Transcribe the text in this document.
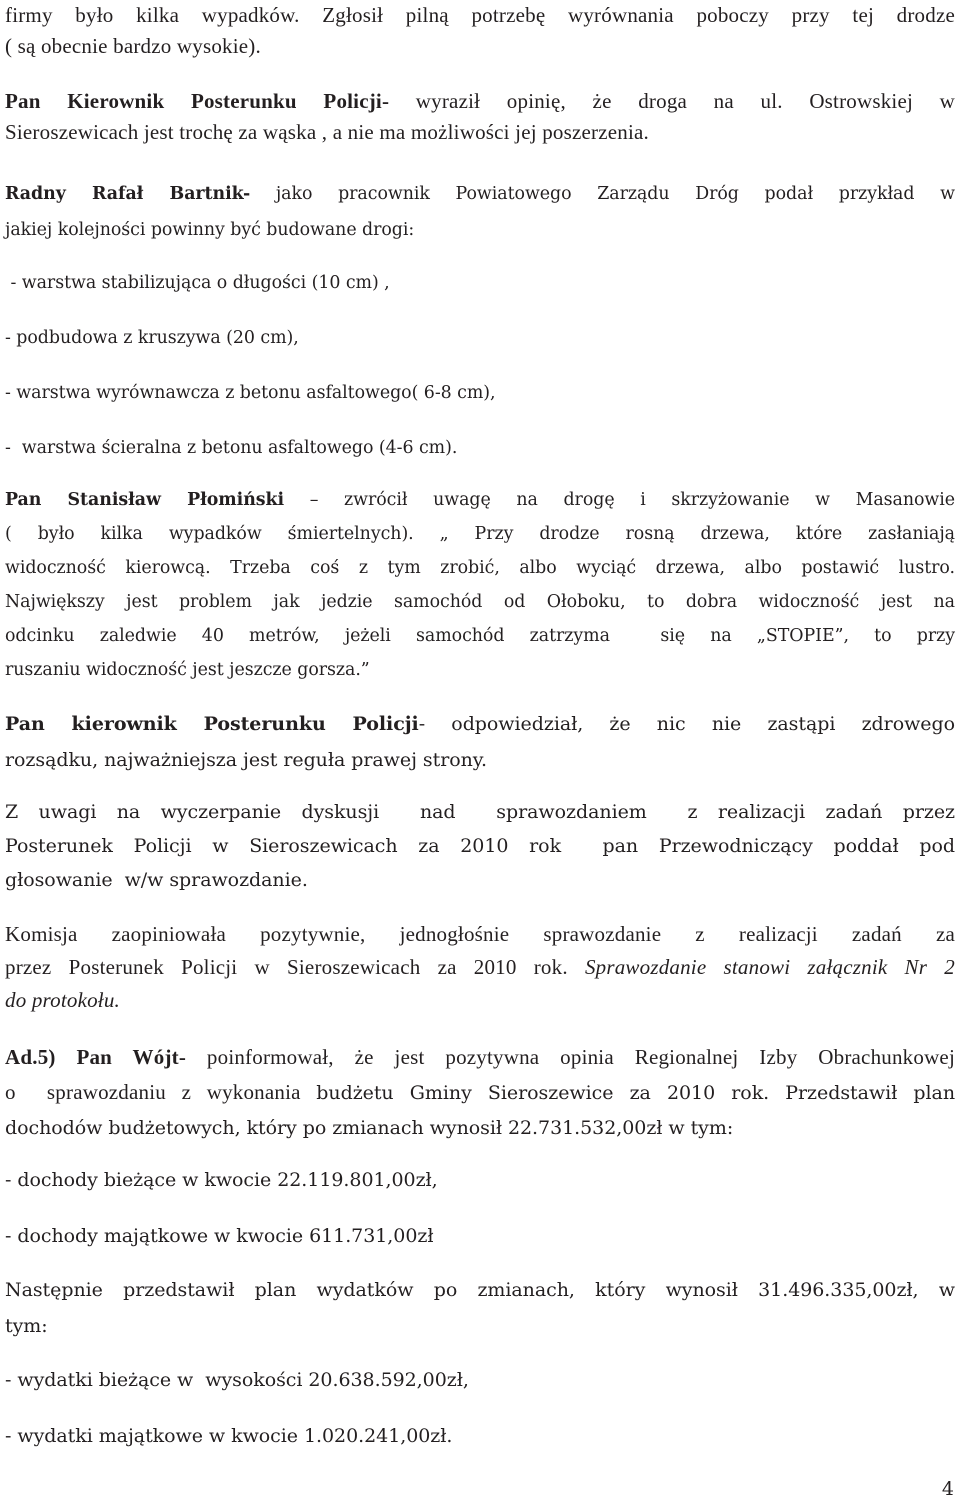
firmy było kilka wypadków. Zgłosił pilną potrzebę wyrównania poboczy przy tej drodze
( są obecnie bardzo wysokie).
Pan Kierownik Posterunku Policji- wyraził opinię, że droga na ul. Ostrowskiej w
Sieroszewicach jest trochę za wąska , a nie ma możliwości jej poszerzenia.
Radny Rafał Bartnik- jako pracownik Powiatowego Zarządu Dróg podał przykład w
jakiej kolejności powinny być budowane drogi:
- warstwa stabilizująca o długości (10 cm) ,
- podbudowa z kruszywa (20 cm),
- warstwa wyrównawcza z betonu asfaltowego( 6-8 cm),
-  warstwa ścieralna z betonu asfaltowego (4-6 cm).
Pan Stanisław Płomiński – zwrócił uwagę na drogę i skrzyżowanie w Masanowie
( było kilka wypadków śmiertelnych). „ Przy drodze rosną drzewa, które zasłaniają
widoczność kierowcą. Trzeba coś z tym zrobić, albo wyciąć drzewa, albo postawić lustro.
Największy jest problem jak jedzie samochód od Ołoboku, to dobra widoczność jest na
odcinku zaledwie 40 metrów, jeżeli samochód zatrzyma  się na „STOPIE”, to przy
ruszaniu widoczność jest jeszcze gorsza.”
Pan kierownik Posterunku Policji- odpowiedział, że nic nie zastąpi zdrowego
rozsądku, najważniejsza jest reguła prawej strony.
Z uwagi na wyczerpanie dyskusji  nad  sprawozdaniem  z realizacji zadań przez
Posterunek Policji w Sieroszewicach za 2010 rok  pan Przewodniczący poddał pod
głosowanie  w/w sprawozdanie.
Komisja zaopiniowała pozytywnie, jednogłośnie sprawozdanie z realizacji zadań za
przez Posterunek Policji w Sieroszewicach za 2010 rok. Sprawozdanie stanowi załącznik Nr 2
do protokołu.
Ad.5) Pan Wójt- poinformował, że jest pozytywna opinia Regionalnej Izby Obrachunkowej
o  sprawozdaniu z wykonania budżetu Gminy Sieroszewice za 2010 rok. Przedstawił plan
dochodów budżetowych, który po zmianach wynosił 22.731.532,00zł w tym:
- dochody bieżące w kwocie 22.119.801,00zł,
- dochody majątkowe w kwocie 611.731,00zł
Następnie przedstawił plan wydatków po zmianach, który wynosił 31.496.335,00zł, w
tym:
- wydatki bieżące w  wysokości 20.638.592,00zł,
- wydatki majątkowe w kwocie 1.020.241,00zł.
4
